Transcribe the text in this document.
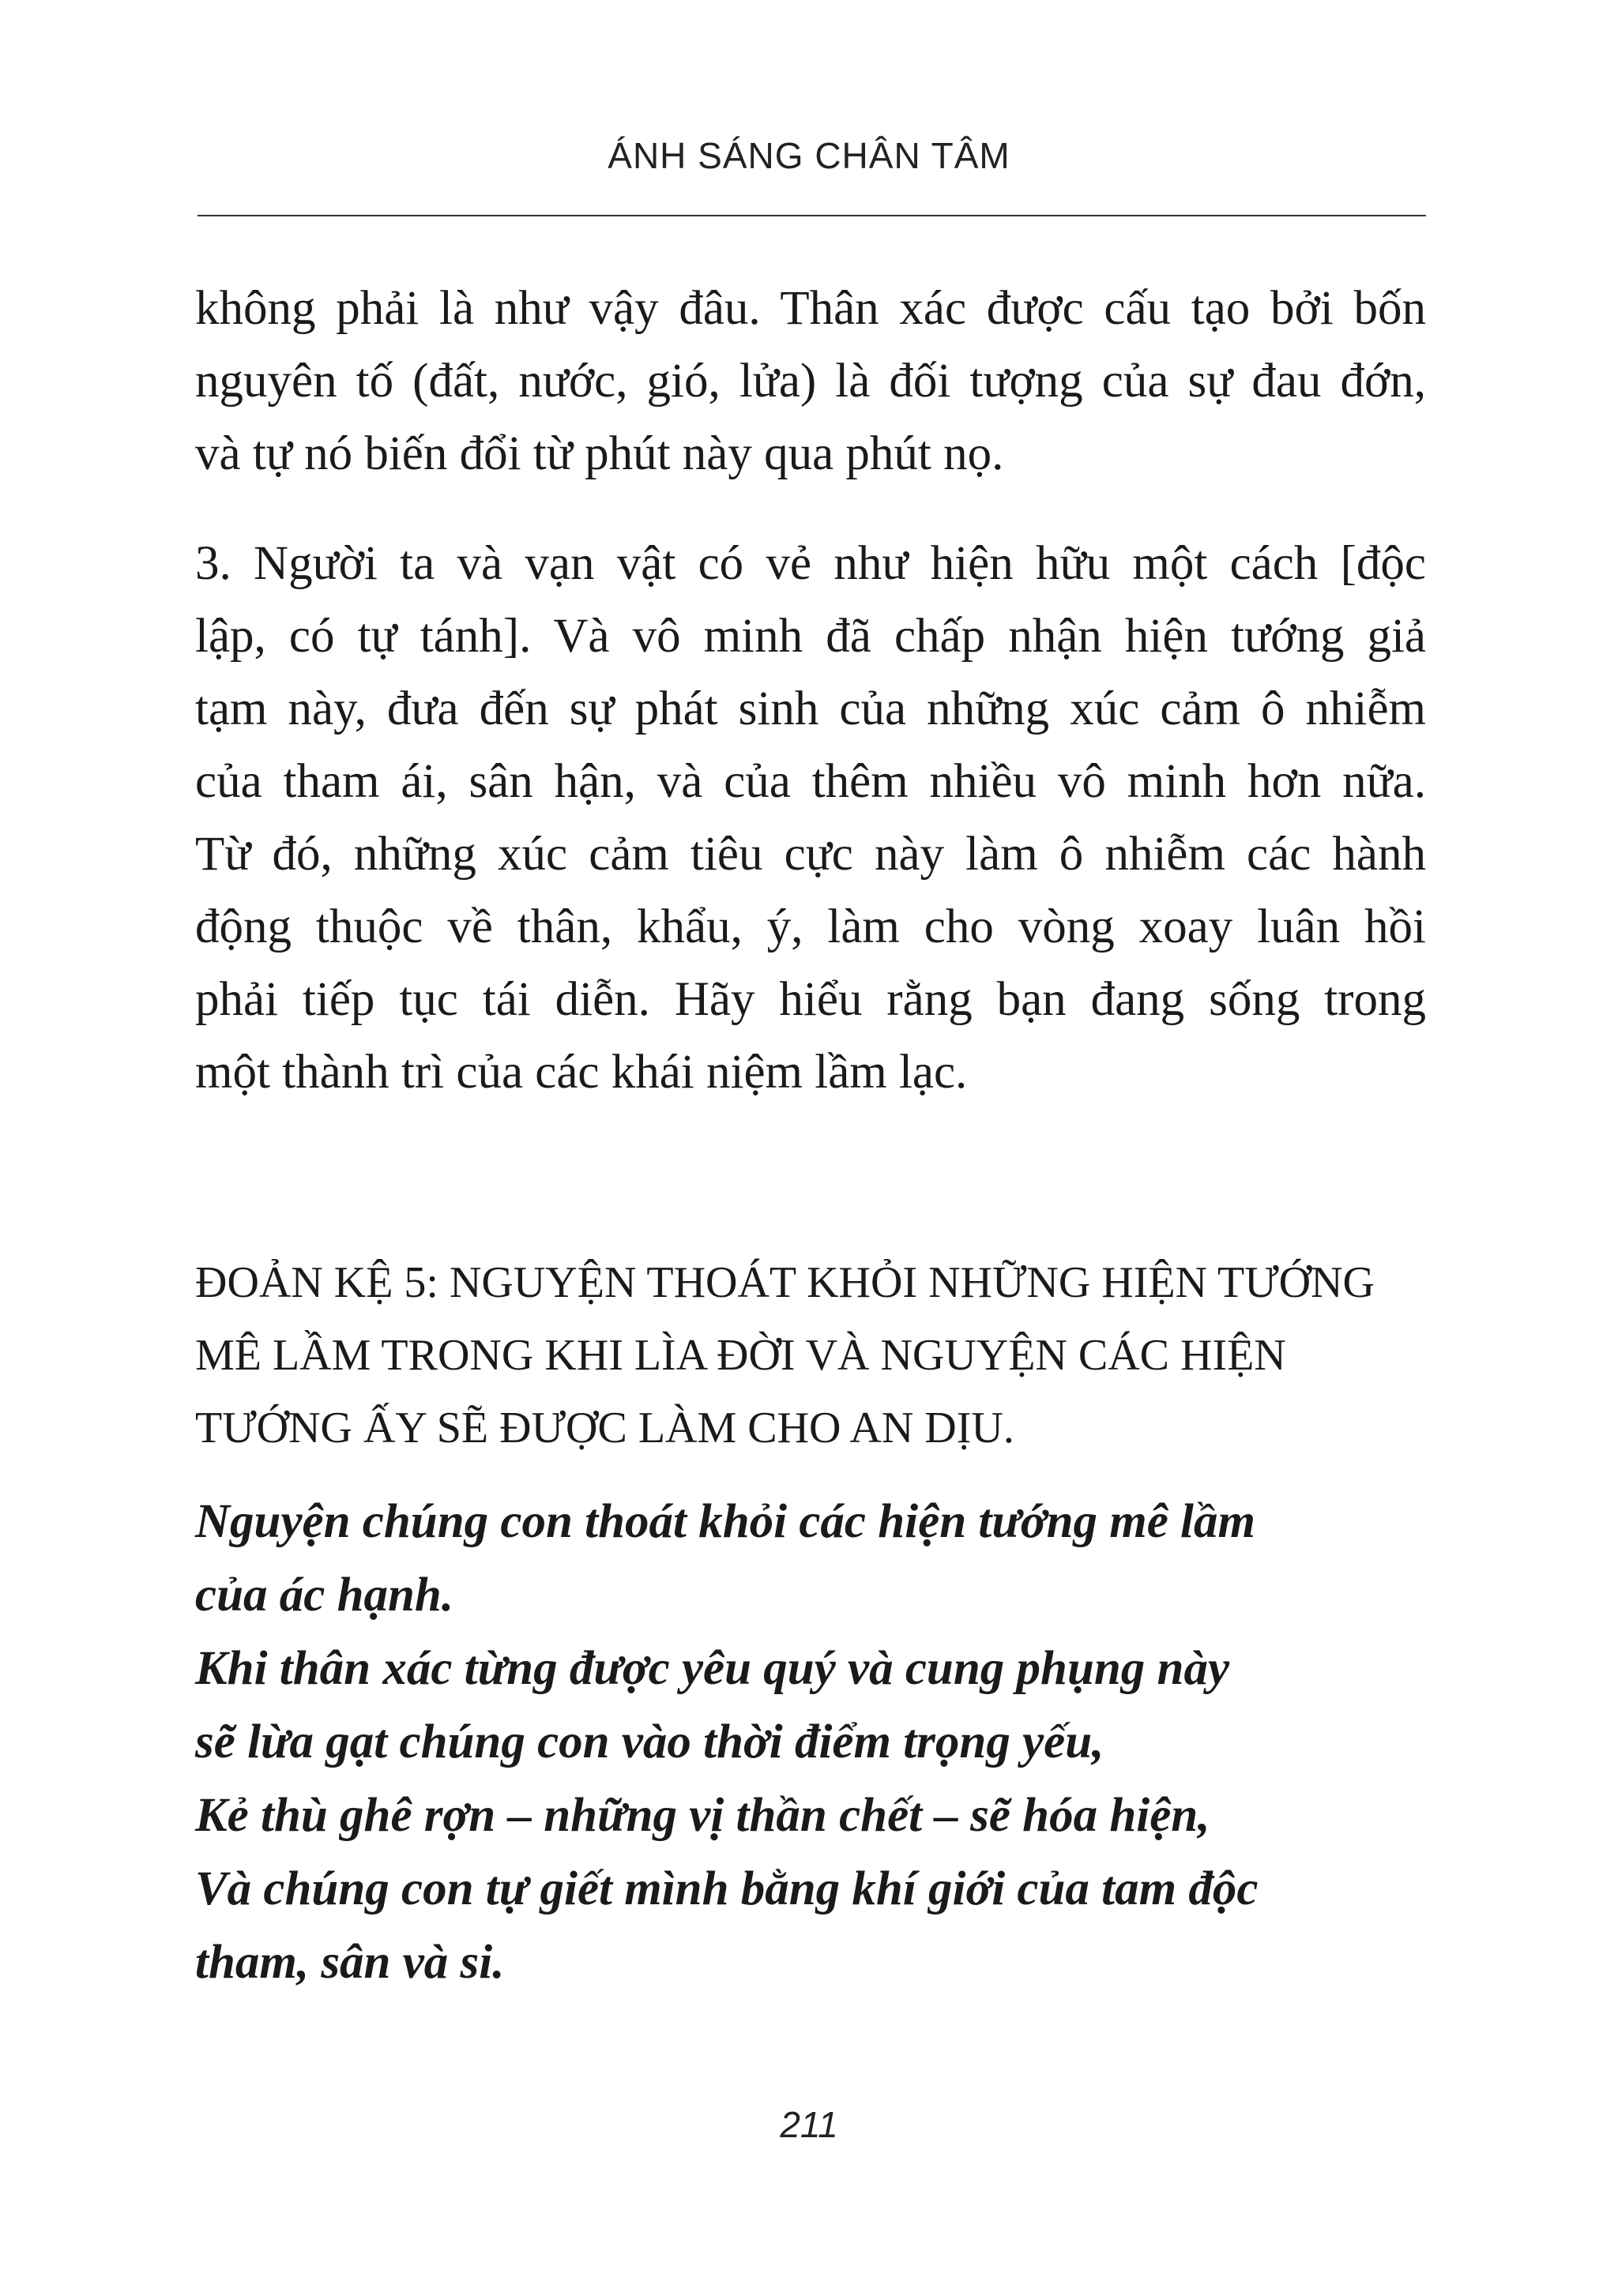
ÁNH SÁNG CHÂN TÂM
không phải là như vậy đâu. Thân xác được cấu tạo bởi bốn
nguyên tố (đất, nước, gió, lửa) là đối tượng của sự đau đớn,
và tự nó biến đổi từ phút này qua phút nọ.
3. Người ta và vạn vật có vẻ như hiện hữu một cách [độc
lập, có tự tánh]. Và vô minh đã chấp nhận hiện tướng giả
tạm này, đưa đến sự phát sinh của những xúc cảm ô nhiễm
của tham ái, sân hận, và của thêm nhiều vô minh hơn nữa.
Từ đó, những xúc cảm tiêu cực này làm ô nhiễm các hành
động thuộc về thân, khẩu, ý, làm cho vòng xoay luân hồi
phải tiếp tục tái diễn. Hãy hiểu rằng bạn đang sống trong
một thành trì của các khái niệm lầm lạc.
ĐOẢN KỆ 5: NGUYỆN THOÁT KHỎI NHỮNG HIỆN TƯỚNG
MÊ LẦM TRONG KHI LÌA ĐỜI VÀ NGUYỆN CÁC HIỆN
TƯỚNG ẤY SẼ ĐƯỢC LÀM CHO AN DỊU.
Nguyện chúng con thoát khỏi các hiện tướng mê lầm
của ác hạnh.
Khi thân xác từng được yêu quý và cung phụng này
sẽ lừa gạt chúng con vào thời điểm trọng yếu,
Kẻ thù ghê rợn – những vị thần chết – sẽ hóa hiện,
Và chúng con tự giết mình bằng khí giới của tam độc
tham, sân và si.
211
